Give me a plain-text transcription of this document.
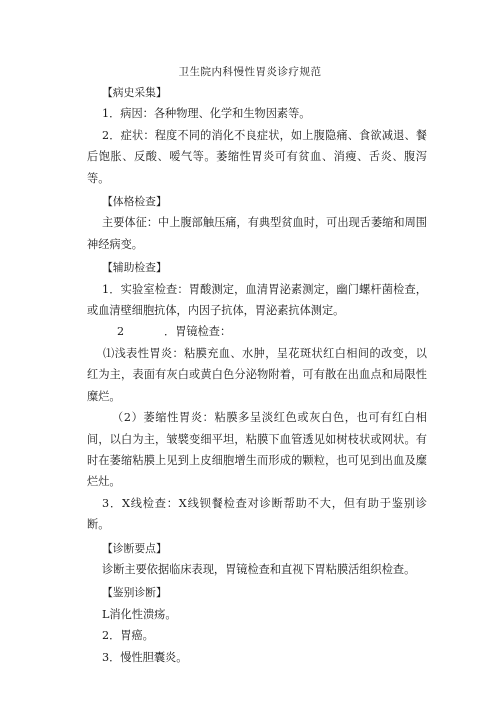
卫生院内科慢性胃炎诊疗规范

【病史采集】

1．病因：各种物理、化学和生物因素等。

2．症状：程度不同的消化不良症状，如上腹隐痛、食欲减退、餐后饱胀、反酸、嗳气等。萎缩性胃炎可有贫血、消瘦、舌炎、腹泻等。

【体格检查】

主要体征：中上腹部触压痛，有典型贫血时，可出现舌萎缩和周围神经病变。

【辅助检查】

1．实验室检查：胃酸测定，血清胃泌素测定，幽门螺杆菌检查，或血清壁细胞抗体，内因子抗体，胃泌素抗体测定。

2	．胃镜检查：

⑴浅表性胃炎：粘膜充血、水肿，呈花斑状红白相间的改变，以红为主，表面有灰白或黄白色分泌物附着，可有散在出血点和局限性糜烂。

（2）萎缩性胃炎：粘膜多呈淡红色或灰白色，也可有红白相间，以白为主，皱襞变细平坦，粘膜下血管透见如树枝状或网状。有时在萎缩粘膜上见到上皮细胞增生而形成的颗粒，也可见到出血及糜烂灶。

3．X线检查：X线钡餐检查对诊断帮助不大，但有助于鉴别诊断。

【诊断要点】

诊断主要依据临床表现，胃镜检查和直视下胃粘膜活组织检查。

【鉴别诊断】

L消化性溃疡。

2．胃癌。

3．慢性胆囊炎。
